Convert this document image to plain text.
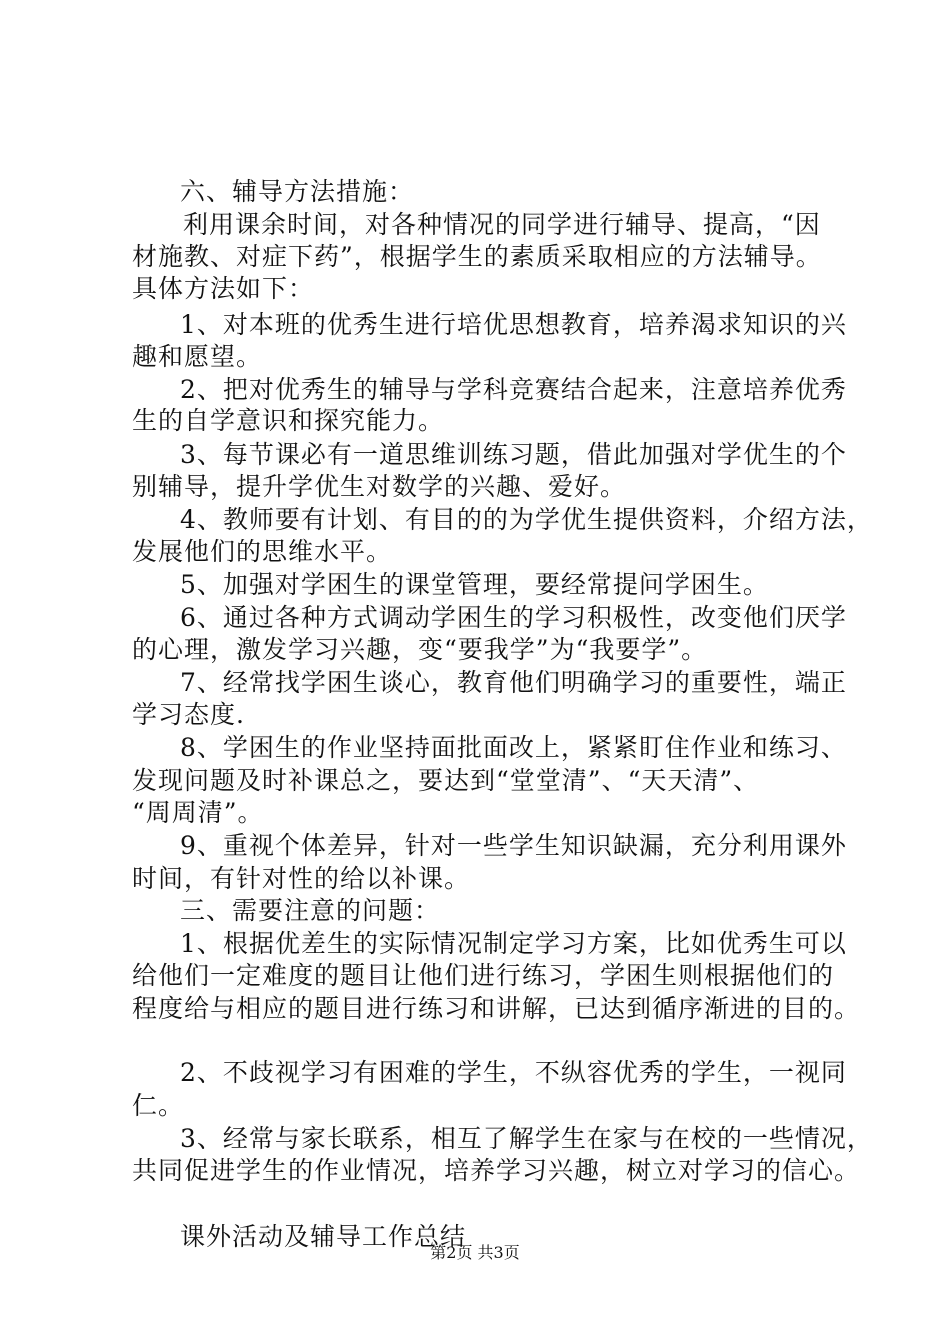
六、辅导方法措施：
利用课余时间，对各种情况的同学进行辅导、提高，“因
材施教、对症下药”，根据学生的素质采取相应的方法辅导。
具体方法如下：
1、对本班的优秀生进行培优思想教育，培养渴求知识的兴
趣和愿望。
2、把对优秀生的辅导与学科竞赛结合起来，注意培养优秀
生的自学意识和探究能力。
3、每节课必有一道思维训练习题，借此加强对学优生的个
别辅导，提升学优生对数学的兴趣、爱好。
4、教师要有计划、有目的的为学优生提供资料，介绍方法，
发展他们的思维水平。
5、加强对学困生的课堂管理，要经常提问学困生。
6、通过各种方式调动学困生的学习积极性，改变他们厌学
的心理，激发学习兴趣，变“要我学”为“我要学”。
7、经常找学困生谈心，教育他们明确学习的重要性，端正
学习态度.
8、学困生的作业坚持面批面改上，紧紧盯住作业和练习、
发现问题及时补课总之，要达到“堂堂清”、“天天清”、
“周周清”。
9、重视个体差异，针对一些学生知识缺漏，充分利用课外
时间，有针对性的给以补课。
三、需要注意的问题：
1、根据优差生的实际情况制定学习方案，比如优秀生可以
给他们一定难度的题目让他们进行练习，学困生则根据他们的
程度给与相应的题目进行练习和讲解，已达到循序渐进的目的。
2、不歧视学习有困难的学生，不纵容优秀的学生，一视同
仁。
3、经常与家长联系，相互了解学生在家与在校的一些情况，
共同促进学生的作业情况，培养学习兴趣，树立对学习的信心。
课外活动及辅导工作总结
第2页 共3页
